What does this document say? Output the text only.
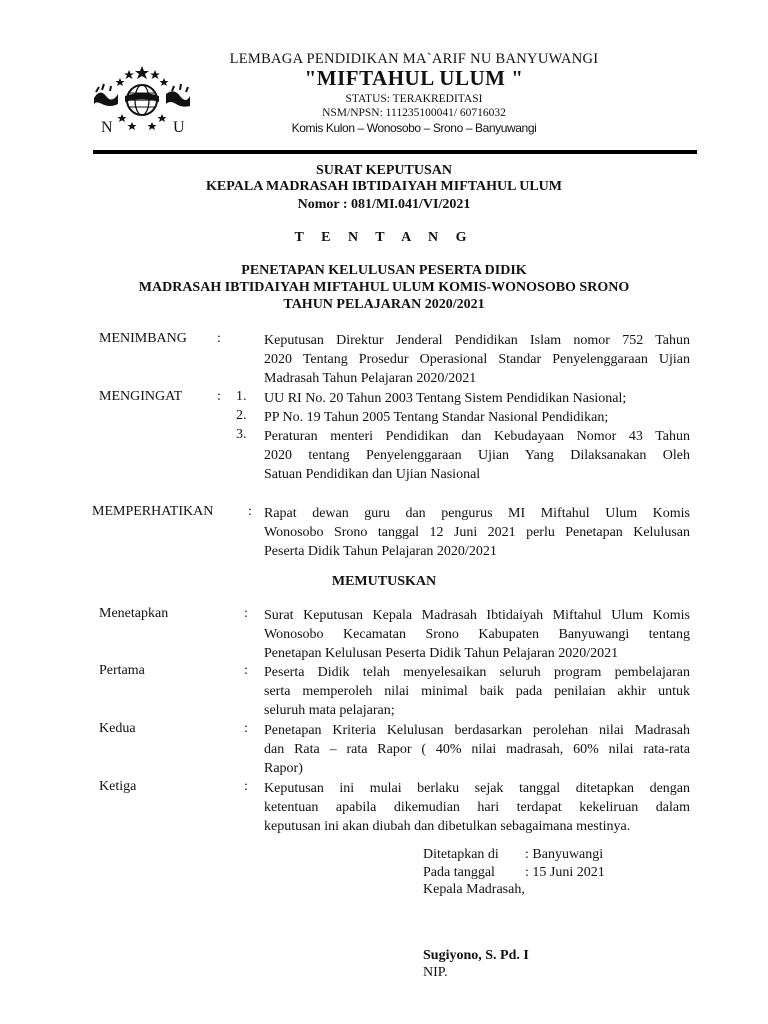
N	U
LEMBAGA PENDIDIKAN MA`ARIF NU BANYUWANGI
"MIFTAHUL ULUM "
STATUS: TERAKREDITASI
NSM/NPSN: 111235100041/ 60716032
Komis Kulon – Wonosobo – Srono – Banyuwangi
SURAT KEPUTUSAN
KEPALA MADRASAH IBTIDAIYAH MIFTAHUL ULUM
Nomor : 081/MI.041/VI/2021
T E N T A N G
PENETAPAN KELULUSAN PESERTA DIDIK
MADRASAH IBTIDAIYAH MIFTAHUL ULUM KOMIS-WONOSOBO SRONO
TAHUN PELAJARAN 2020/2021
MENIMBANG :	Keputusan Direktur Jenderal Pendidikan Islam nomor 752 Tahun
2020 Tentang Prosedur Operasional Standar Penyelenggaraan Ujian
Madrasah Tahun Pelajaran 2020/2021
MENGINGAT : 1. UU RI No. 20 Tahun 2003 Tentang Sistem Pendidikan Nasional;
2. PP No. 19 Tahun 2005 Tentang Standar Nasional Pendidikan;
3. Peraturan menteri Pendidikan dan Kebudayaan Nomor 43 Tahun
2020 tentang Penyelenggaraan Ujian Yang Dilaksanakan Oleh
Satuan Pendidikan dan Ujian Nasional
MEMPERHATIKAN : Rapat dewan guru dan pengurus MI Miftahul Ulum Komis
Wonosobo Srono tanggal 12 Juni 2021 perlu Penetapan Kelulusan
Peserta Didik Tahun Pelajaran 2020/2021
MEMUTUSKAN
Menetapkan	: Surat Keputusan Kepala Madrasah Ibtidaiyah Miftahul Ulum Komis
Wonosobo Kecamatan Srono Kabupaten Banyuwangi tentang
Penetapan Kelulusan Peserta Didik Tahun Pelajaran 2020/2021
Pertama	: Peserta Didik telah menyelesaikan seluruh program pembelajaran
serta memperoleh nilai minimal baik pada penilaian akhir untuk
seluruh mata pelajaran;
Kedua	: Penetapan Kriteria Kelulusan berdasarkan perolehan nilai Madrasah
dan Rata – rata Rapor ( 40% nilai madrasah, 60% nilai rata-rata
Rapor)
Ketiga	: Keputusan ini mulai berlaku sejak tanggal ditetapkan dengan
ketentuan apabila dikemudian hari terdapat kekeliruan dalam
keputusan ini akan diubah dan dibetulkan sebagaimana mestinya.
Ditetapkan di : Banyuwangi
Pada tanggal : 15 Juni 2021
Kepala Madrasah,
Sugiyono, S. Pd. I
NIP.
